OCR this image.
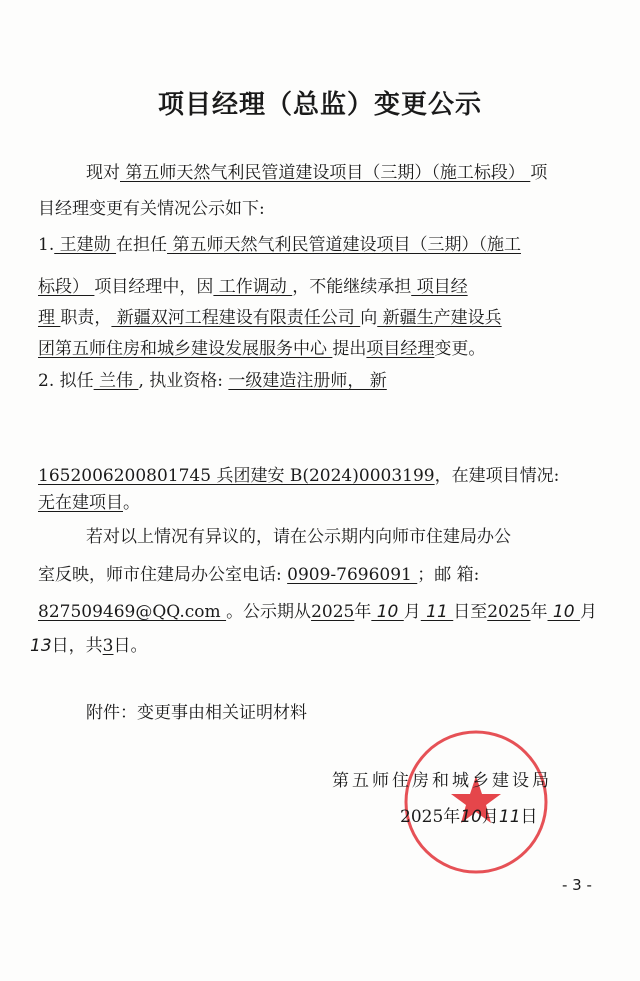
项目经理（总监）变更公示
现对 第五师天然气利民管道建设项目（三期）（施工标段） 项
目经理变更有关情况公示如下:
1. 王建勋 在担任 第五师天然气利民管道建设项目（三期）（施工
标段） 项目经理中，因 工作调动 ，不能继续承担 项目经
理 职责， 新疆双河工程建设有限责任公司 向 新疆生产建设兵
团第五师住房和城乡建设发展服务中心 提出项目经理变更。
2. 拟任 兰伟 , 执业资格: 一级建造注册师， 新
1652006200801745 兵团建安 B(2024)0003199，在建项目情况:
无在建项目。
若对以上情况有异议的，请在公示期内向师市住建局办公
室反映，师市住建局办公室电话: 0909-7696091 ；邮 箱:
827509469@QQ.com 。公示期从2025年 10 月 11 日至2025年 10 月
13日，共3日。
附件：变更事由相关证明材料
第五师住房和城乡建设局
2025年10月11日
- 3 -
